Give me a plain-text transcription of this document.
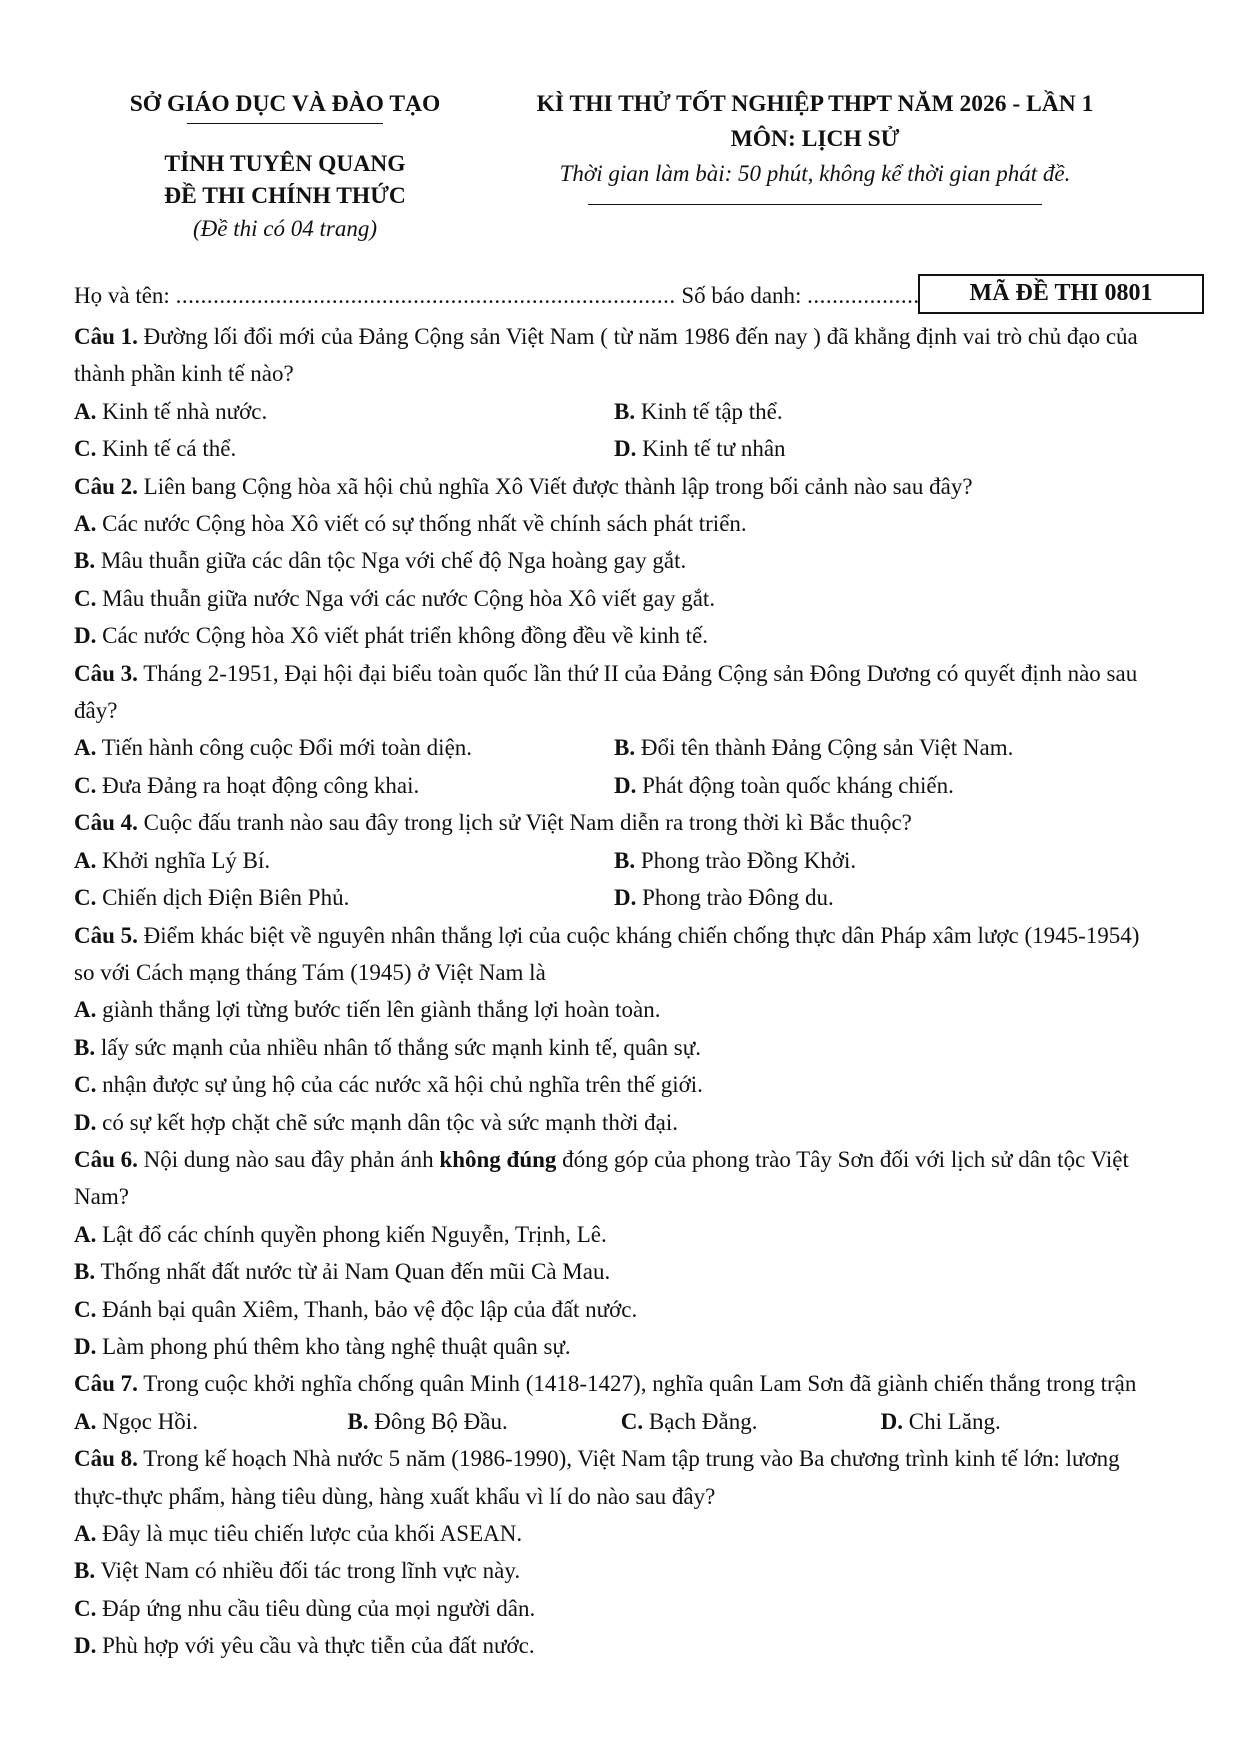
SỞ GIÁO DỤC VÀ ĐÀO TẠO
TỈNH TUYÊN QUANG
ĐỀ THI CHÍNH THỨC
(Đề thi có 04 trang)
KÌ THI THỬ TỐT NGHIỆP THPT NĂM 2026 - LẦN 1
MÔN: LỊCH SỬ
Thời gian làm bài: 50 phút, không kể thời gian phát đề.
Họ và tên: ................................................................................ Số báo danh: ..................	MÃ ĐỀ THI 0801

Câu 1. Đường lối đổi mới của Đảng Cộng sản Việt Nam ( từ năm 1986 đến nay ) đã khẳng định vai trò chủ đạo của thành phần kinh tế nào?

A. Kinh tế nhà nước.	B. Kinh tế tập thể.
C. Kinh tế cá thể.	D. Kinh tế tư nhân

Câu 2. Liên bang Cộng hòa xã hội chủ nghĩa Xô Viết được thành lập trong bối cảnh nào sau đây?

A. Các nước Cộng hòa Xô viết có sự thống nhất về chính sách phát triển.
B. Mâu thuẫn giữa các dân tộc Nga với chế độ Nga hoàng gay gắt.
C. Mâu thuẫn giữa nước Nga với các nước Cộng hòa Xô viết gay gắt.
D. Các nước Cộng hòa Xô viết phát triển không đồng đều về kinh tế.

Câu 3. Tháng 2-1951, Đại hội đại biểu toàn quốc lần thứ II của Đảng Cộng sản Đông Dương có quyết định nào sau đây?

A. Tiến hành công cuộc Đổi mới toàn diện.	B. Đổi tên thành Đảng Cộng sản Việt Nam.
C. Đưa Đảng ra hoạt động công khai.	D. Phát động toàn quốc kháng chiến.

Câu 4. Cuộc đấu tranh nào sau đây trong lịch sử Việt Nam diễn ra trong thời kì Bắc thuộc?

A. Khởi nghĩa Lý Bí.	B. Phong trào Đồng Khởi.
C. Chiến dịch Điện Biên Phủ.	D. Phong trào Đông du.

Câu 5. Điểm khác biệt về nguyên nhân thắng lợi của cuộc kháng chiến chống thực dân Pháp xâm lược (1945-1954) so với Cách mạng tháng Tám (1945) ở Việt Nam là

A. giành thắng lợi từng bước tiến lên giành thắng lợi hoàn toàn.
B. lấy sức mạnh của nhiều nhân tố thắng sức mạnh kinh tế, quân sự.
C. nhận được sự ủng hộ của các nước xã hội chủ nghĩa trên thế giới.
D. có sự kết hợp chặt chẽ sức mạnh dân tộc và sức mạnh thời đại.

Câu 6. Nội dung nào sau đây phản ánh không đúng đóng góp của phong trào Tây Sơn đối với lịch sử dân tộc Việt Nam?

A. Lật đổ các chính quyền phong kiến Nguyễn, Trịnh, Lê.
B. Thống nhất đất nước từ ải Nam Quan đến mũi Cà Mau.
C. Đánh bại quân Xiêm, Thanh, bảo vệ độc lập của đất nước.
D. Làm phong phú thêm kho tàng nghệ thuật quân sự.

Câu 7. Trong cuộc khởi nghĩa chống quân Minh (1418-1427), nghĩa quân Lam Sơn đã giành chiến thắng trong trận

A. Ngọc Hồi.	B. Đông Bộ Đầu.	C. Bạch Đằng.	D. Chi Lăng.

Câu 8. Trong kế hoạch Nhà nước 5 năm (1986-1990), Việt Nam tập trung vào Ba chương trình kinh tế lớn: lương thực-thực phẩm, hàng tiêu dùng, hàng xuất khẩu vì lí do nào sau đây?

A. Đây là mục tiêu chiến lược của khối ASEAN.
B. Việt Nam có nhiều đối tác trong lĩnh vực này.
C. Đáp ứng nhu cầu tiêu dùng của mọi người dân.
D. Phù hợp với yêu cầu và thực tiễn của đất nước.
